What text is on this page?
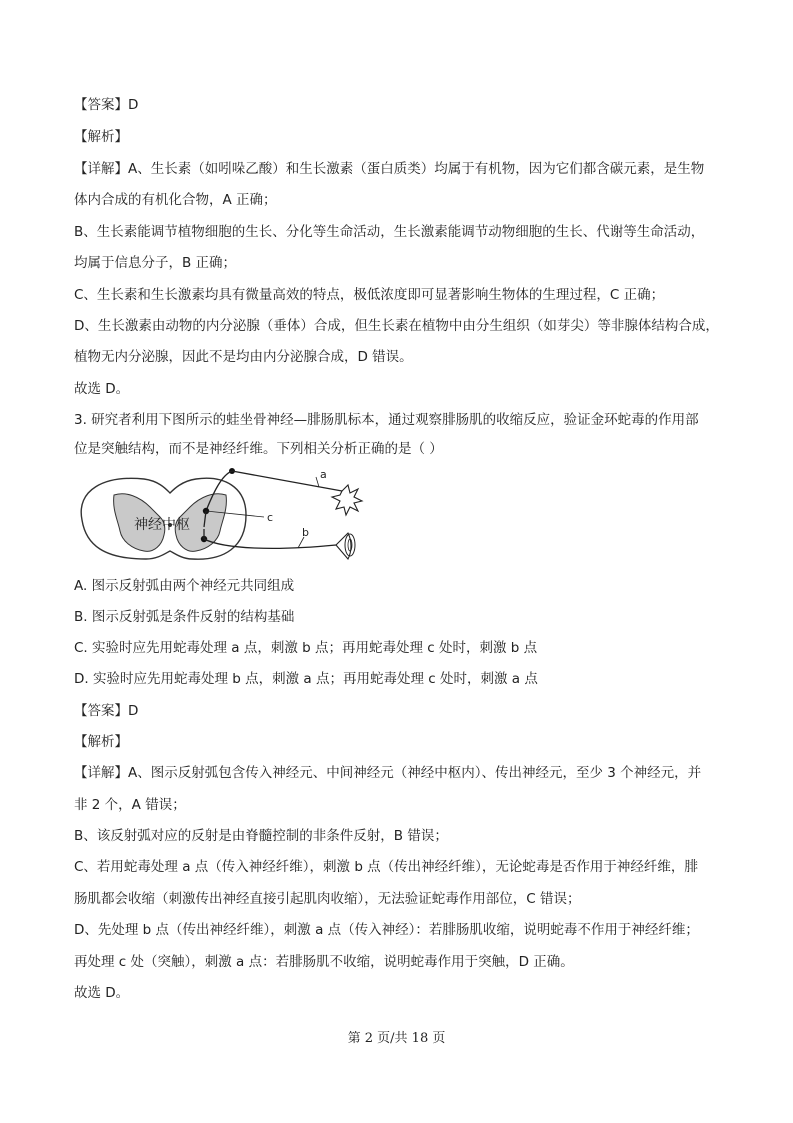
【答案】D
【解析】
【详解】A、生长素（如吲哚乙酸）和生长激素（蛋白质类）均属于有机物，因为它们都含碳元素，是生物
体内合成的有机化合物，A 正确；
B、生长素能调节植物细胞的生长、分化等生命活动，生长激素能调节动物细胞的生长、代谢等生命活动，
均属于信息分子，B 正确；
C、生长素和生长激素均具有微量高效的特点，极低浓度即可显著影响生物体的生理过程，C 正确；
D、生长激素由动物的内分泌腺（垂体）合成，但生长素在植物中由分生组织（如芽尖）等非腺体结构合成，
植物无内分泌腺，因此不是均由内分泌腺合成，D 错误。
故选 D。
3. 研究者利用下图所示的蛙坐骨神经—腓肠肌标本，通过观察腓肠肌的收缩反应，验证金环蛇毒的作用部
位是突触结构，而不是神经纤维。下列相关分析正确的是（ ）
神经中枢
a
c
b
A. 图示反射弧由两个神经元共同组成
B. 图示反射弧是条件反射的结构基础
C. 实验时应先用蛇毒处理 a 点，刺激 b 点；再用蛇毒处理 c 处时，刺激 b 点
D. 实验时应先用蛇毒处理 b 点，刺激 a 点；再用蛇毒处理 c 处时，刺激 a 点
【答案】D
【解析】
【详解】A、图示反射弧包含传入神经元、中间神经元（神经中枢内）、传出神经元，至少 3 个神经元，并
非 2 个，A 错误；
B、该反射弧对应的反射是由脊髓控制的非条件反射，B 错误；
C、若用蛇毒处理 a 点（传入神经纤维），刺激 b 点（传出神经纤维），无论蛇毒是否作用于神经纤维，腓
肠肌都会收缩（刺激传出神经直接引起肌肉收缩），无法验证蛇毒作用部位，C 错误；
D、先处理 b 点（传出神经纤维），刺激 a 点（传入神经）：若腓肠肌收缩，说明蛇毒不作用于神经纤维；
再处理 c 处（突触），刺激 a 点：若腓肠肌不收缩，说明蛇毒作用于突触，D 正确。
故选 D。
第 2 页/共 18 页
